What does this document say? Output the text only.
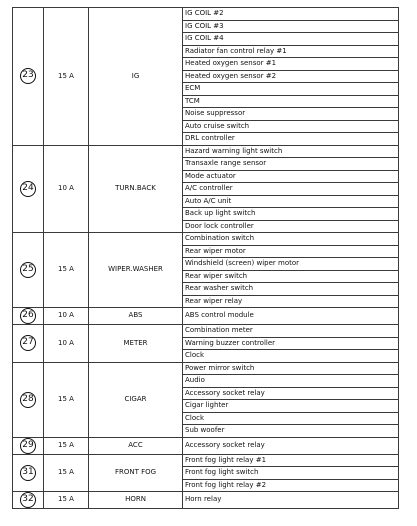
23	15 A	IG	IG COIL #2
			IG COIL #3
			IG COIL #4
			Radiator fan control relay #1
			Heated oxygen sensor #1
			Heated oxygen sensor #2
			ECM
			TCM
			Noise suppressor
			Auto cruise switch
			DRL controller
24	10 A	TURN.BACK	Hazard warning light switch
			Transaxle range sensor
			Mode actuator
			A/C controller
			Auto A/C unit
			Back up light switch
			Door lock controller
25	15 A	WIPER.WASHER	Combination switch
			Rear wiper motor
			Windshield (screen) wiper motor
			Rear wiper switch
			Rear washer switch
			Rear wiper relay
26	10 A	ABS	ABS control module
27	10 A	METER	Combination meter
			Warning buzzer controller
			Clock
28	15 A	CIGAR	Power mirror switch
			Audio
			Accessory socket relay
			Cigar lighter
			Clock
			Sub woofer
29	15 A	ACC	Accessory socket relay
31	15 A	FRONT FOG	Front fog light relay #1
			Front fog light switch
			Front fog light relay #2
32	15 A	HORN	Horn relay
